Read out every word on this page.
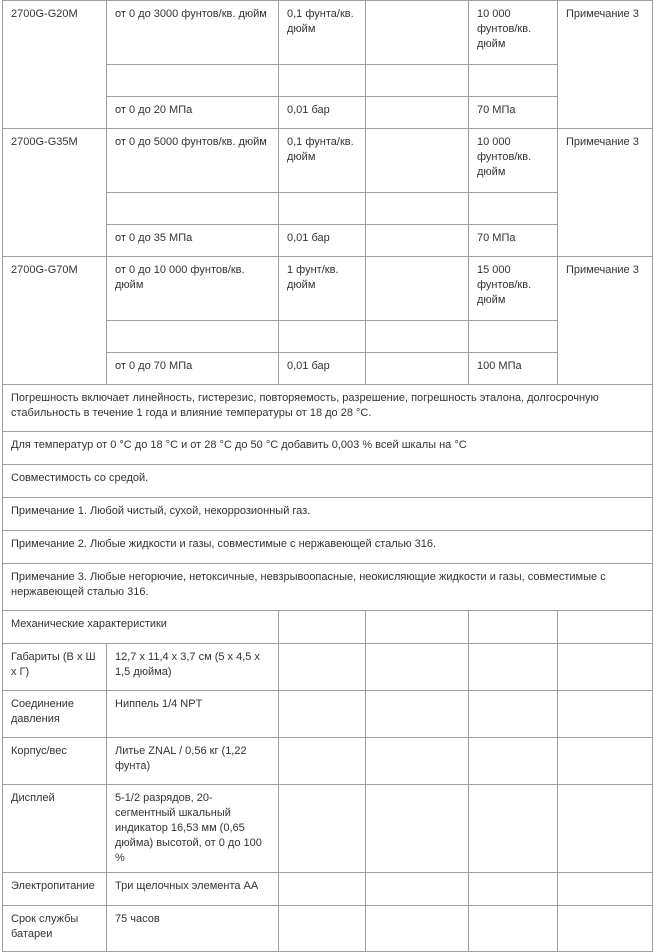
2700G-G20M	от 0 до 3000 фунтов/кв. дюйм	0,1 фунта/кв. дюйм		10 000 фунтов/кв. дюйм	Примечание 3

	от 0 до 20 МПа	0,01 бар		70 МПа	
2700G-G35M	от 0 до 5000 фунтов/кв. дюйм	0,1 фунта/кв. дюйм		10 000 фунтов/кв. дюйм	Примечание 3

	от 0 до 35 МПа	0,01 бар		70 МПа	
2700G-G70M	от 0 до 10 000 фунтов/кв. дюйм	1 фунт/кв. дюйм		15 000 фунтов/кв. дюйм	Примечание 3

	от 0 до 70 МПа	0,01 бар		100 МПа	
Погрешность включает линейность, гистерезис, повторяемость, разрешение, погрешность эталона, долгосрочную стабильность в течение 1 года и влияние температуры от 18 до 28 °C.					
Для температур от 0 °C до 18 °C и от 28 °C до 50 °C добавить 0,003 % всей шкалы на °C					
Совместимость со средой.					
Примечание 1. Любой чистый, сухой, некоррозионный газ.					
Примечание 2. Любые жидкости и газы, совместимые с нержавеющей сталью 316.					
Примечание 3. Любые негорючие, нетоксичные, невзрывоопасные, неокисляющие жидкости и газы, совместимые с нержавеющей сталью 316.					
Механические характеристики					
Габариты (В x Ш x Г)	12,7 x 11,4 x 3,7 см (5 x 4,5 x 1,5 дюйма)				
Соединение давления	Ниппель 1/4 NPT				
Корпус/вес	Литье ZNAL / 0,56 кг (1,22 фунта)				
Дисплей	5-1/2 разрядов, 20-сегментный шкальный индикатор 16,53 мм (0,65 дюйма) высотой, от 0 до 100 %				
Электропитание	Три щелочных элемента AA				
Срок службы батареи	75 часов				
